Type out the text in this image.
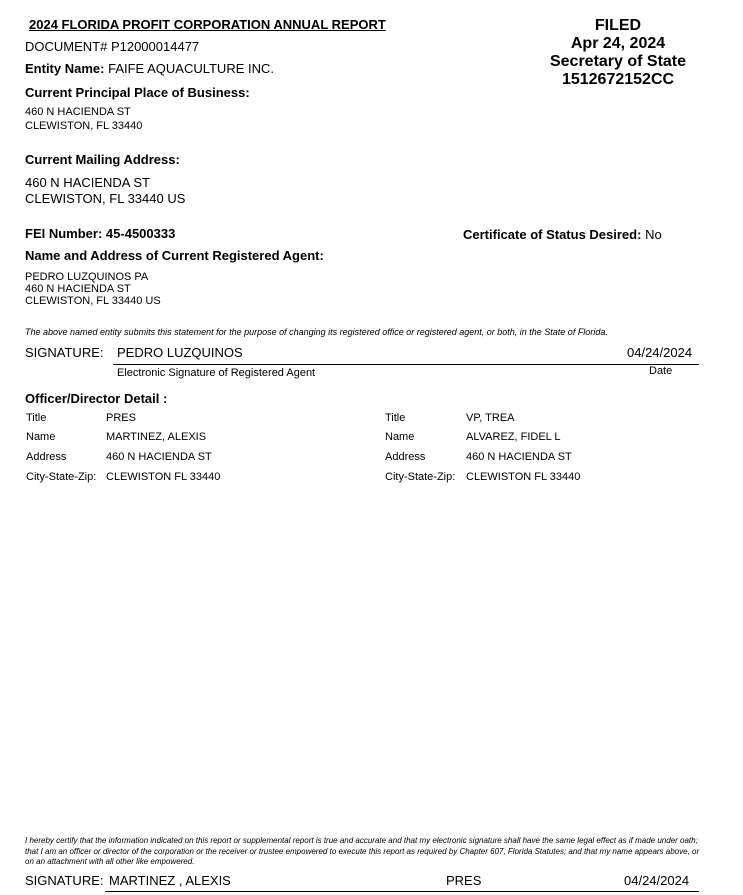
2024 FLORIDA PROFIT CORPORATION ANNUAL REPORT
DOCUMENT# P12000014477
Entity Name: FAIFE AQUACULTURE INC.
FILED
Apr 24, 2024
Secretary of State
1512672152CC
Current Principal Place of Business:
460 N HACIENDA ST
CLEWISTON, FL 33440
Current Mailing Address:
460 N HACIENDA ST
CLEWISTON, FL 33440 US
FEI Number: 45-4500333	Certificate of Status Desired: No
Name and Address of Current Registered Agent:
PEDRO LUZQUINOS PA
460 N HACIENDA ST
CLEWISTON, FL 33440 US
The above named entity submits this statement for the purpose of changing its registered office or registered agent, or both, in the State of Florida.
SIGNATURE: PEDRO LUZQUINOS	04/24/2024
Electronic Signature of Registered Agent	Date
Officer/Director Detail :
Title	PRES
Name	MARTINEZ, ALEXIS
Address	460 N HACIENDA ST
City-State-Zip: CLEWISTON FL 33440
Title	VP, TREA
Name	ALVAREZ, FIDEL L
Address	460 N HACIENDA ST
City-State-Zip: CLEWISTON FL 33440
I hereby certify that the information indicated on this report or supplemental report is true and accurate and that my electronic signature shall have the same legal effect as if made under oath; that I am an officer or director of the corporation or the receiver or trustee empowered to execute this report as required by Chapter 607, Florida Statutes; and that my name appears above, or on an attachment with all other like empowered.
SIGNATURE: MARTINEZ , ALEXIS	PRES	04/24/2024
